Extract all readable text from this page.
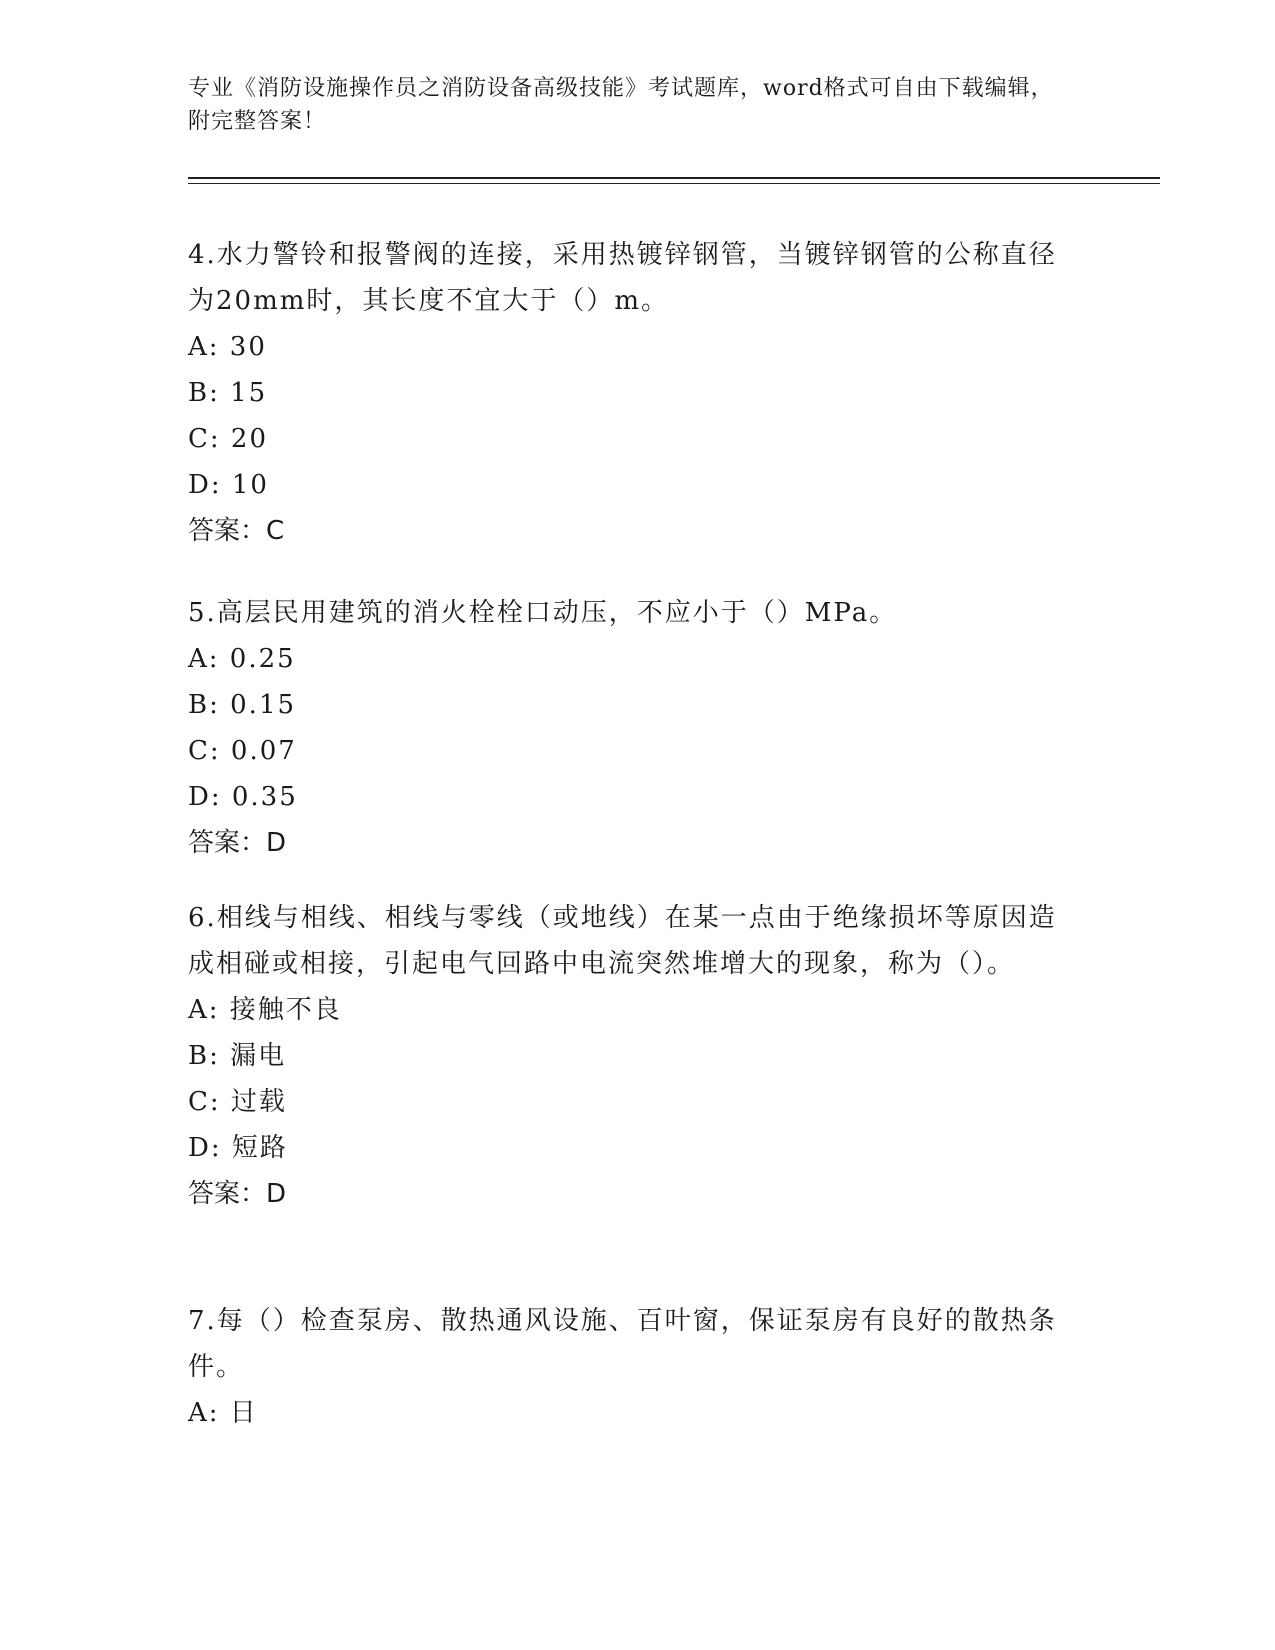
专业《消防设施操作员之消防设备高级技能》考试题库，word格式可自由下载编辑，附完整答案！

4.水力警铃和报警阀的连接，采用热镀锌钢管，当镀锌钢管的公称直径为20mm时，其长度不宜大于（）m。

A: 30

B: 15

C: 20

D: 10

答案：C

5.高层民用建筑的消火栓栓口动压，不应小于（）MPa。

A: 0.25

B: 0.15

C: 0.07

D: 0.35

答案：D

6.相线与相线、相线与零线（或地线）在某一点由于绝缘损坏等原因造成相碰或相接，引起电气回路中电流突然堆增大的现象，称为（）。

A: 接触不良

B: 漏电

C: 过载

D: 短路

答案：D

7.每（）检查泵房、散热通风设施、百叶窗，保证泵房有良好的散热条件。

A: 日
